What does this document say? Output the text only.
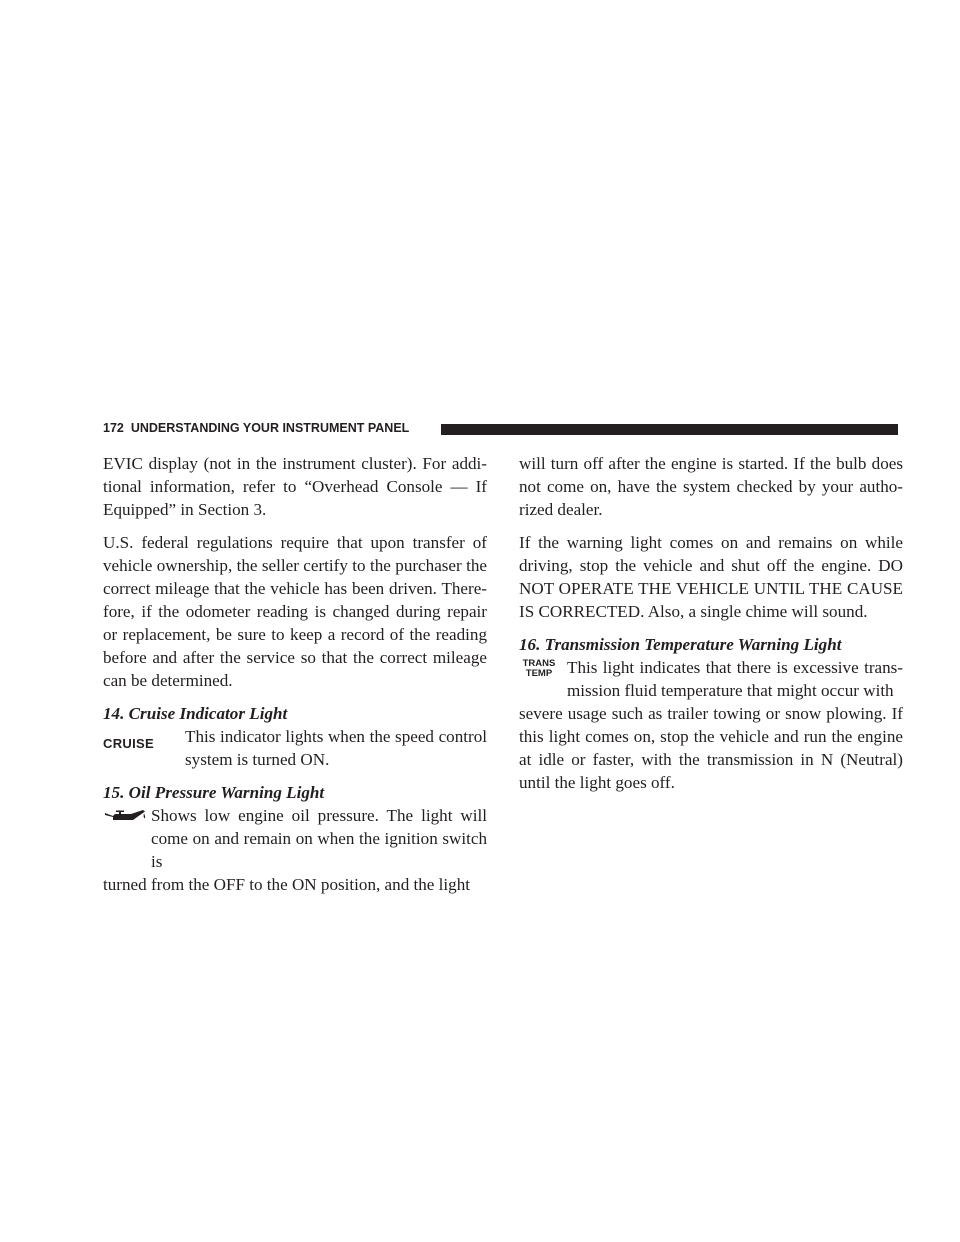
172 UNDERSTANDING YOUR INSTRUMENT PANEL

EVIC display (not in the instrument cluster). For addi-tional information, refer to “Overhead Console — If Equipped” in Section 3.

U.S. federal regulations require that upon transfer of vehicle ownership, the seller certify to the purchaser the correct mileage that the vehicle has been driven. There-fore, if the odometer reading is changed during repair or replacement, be sure to keep a record of the reading before and after the service so that the correct mileage can be determined.

14. Cruise Indicator Light

CRUISE	This indicator lights when the speed control system is turned ON.

15. Oil Pressure Warning Light

Shows low engine oil pressure. The light will come on and remain on when the ignition switch is
turned from the OFF to the ON position, and the light

will turn off after the engine is started. If the bulb does not come on, have the system checked by your autho-rized dealer.

If the warning light comes on and remains on while driving, stop the vehicle and shut off the engine. DO NOT OPERATE THE VEHICLE UNTIL THE CAUSE IS CORRECTED. Also, a single chime will sound.

16. Transmission Temperature Warning Light

TRANS
TEMP This light indicates that there is excessive trans-mission fluid temperature that might occur with
severe usage such as trailer towing or snow plowing. If this light comes on, stop the vehicle and run the engine at idle or faster, with the transmission in N (Neutral) until the light goes off.
